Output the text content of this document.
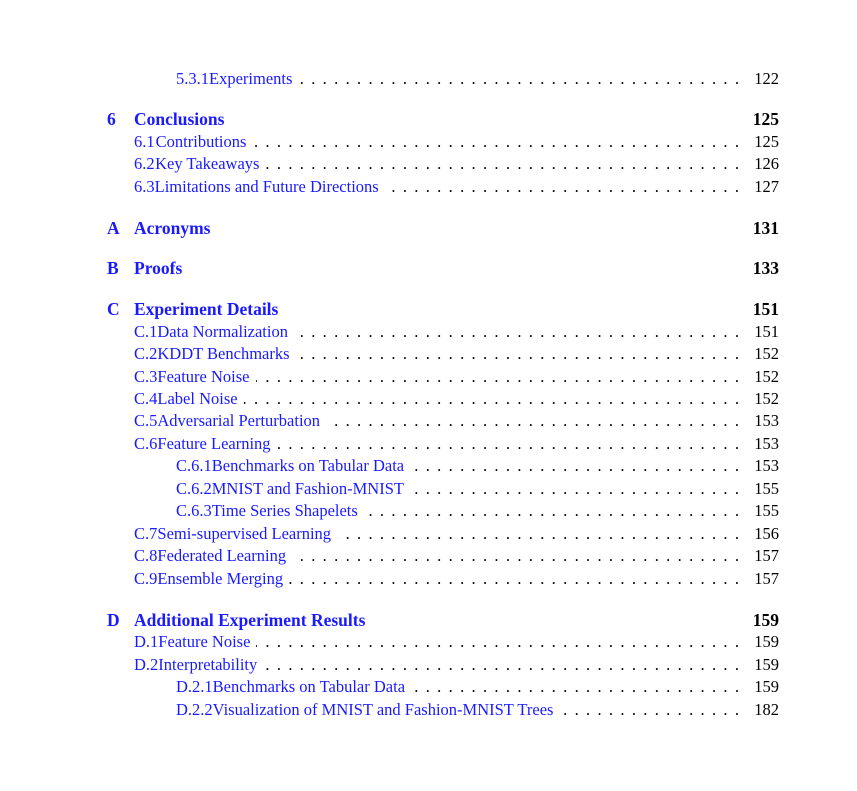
5.3.1 Experiments . . .	122
6	Conclusions	125
6.1 Contributions . . .	125
6.2 Key Takeaways . . .	126
6.3 Limitations and Future Directions . . .	127
A Acronyms	131
B Proofs	133
C Experiment Details	151
C.1 Data Normalization . . .	151
C.2 KDDT Benchmarks . . .	152
C.3 Feature Noise . . .	152
C.4 Label Noise . . .	152
C.5 Adversarial Perturbation . . .	153
C.6 Feature Learning . . .	153
C.6.1 Benchmarks on Tabular Data . . .	153
C.6.2 MNIST and Fashion-MNIST . . .	155
C.6.3 Time Series Shapelets . . .	155
C.7 Semi-supervised Learning . . .	156
C.8 Federated Learning . . .	157
C.9 Ensemble Merging . . .	157
D Additional Experiment Results	159
D.1 Feature Noise . . .	159
D.2 Interpretability . . .	159
D.2.1 Benchmarks on Tabular Data . . .	159
D.2.2 Visualization of MNIST and Fashion-MNIST Trees . . .	182
